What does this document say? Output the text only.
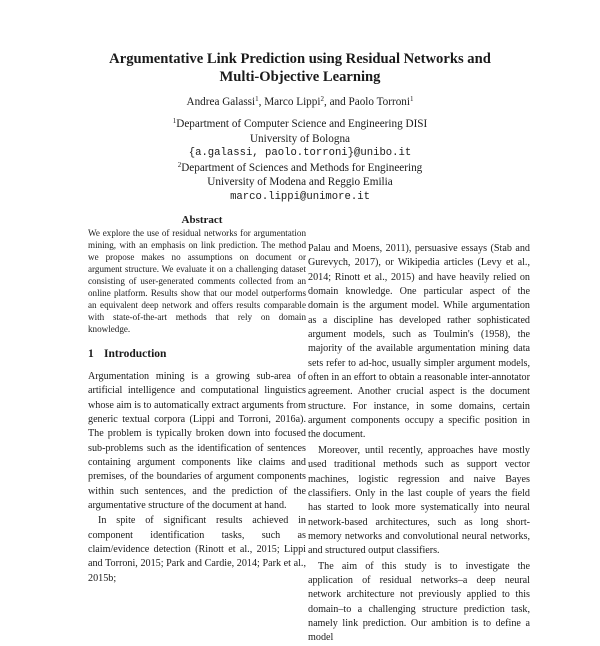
Argumentative Link Prediction using Residual Networks and
Multi-Objective Learning
Andrea Galassi$^1$, Marco Lippi$^2$, and Paolo Torroni$^1$
$^1$Department of Computer Science and Engineering DISI
University of Bologna
{a.galassi, paolo.torroni}@unibo.it
$^2$Department of Sciences and Methods for Engineering
University of Modena and Reggio Emilia
marco.lippi@unimore.it
Abstract

We explore the use of residual networks for argumentation mining, with an emphasis on link prediction. The method we propose makes no assumptions on document or argument structure. We evaluate it on a challenging dataset consisting of user-generated comments collected from an online platform. Results show that our model outperforms an equivalent deep network and offers results comparable with state-of-the-art methods that rely on domain knowledge.

1 Introduction

Argumentation mining is a growing sub-area of artificial intelligence and computational linguistics whose aim is to automatically extract arguments from generic textual corpora (Lippi and Torroni, 2016a). The problem is typically broken down into focused sub-problems such as the identification of sentences containing argument components like claims and premises, of the boundaries of argument components within such sentences, and the prediction of the argumentative structure of the document at hand.

In spite of significant results achieved in component identification tasks, such as claim/evidence detection (Rinott et al., 2015; Lippi and Torroni, 2015; Park and Cardie, 2014; Park et al., 2015b;

Palau and Moens, 2011), persuasive essays (Stab and Gurevych, 2017), or Wikipedia articles (Levy et al., 2014; Rinott et al., 2015) and have heavily relied on domain knowledge. One particular aspect of the domain is the argument model. While argumentation as a discipline has developed rather sophisticated argument models, such as Toulmin's (1958), the majority of the available argumentation mining data sets refer to ad-hoc, usually simpler argument models, often in an effort to obtain a reasonable inter-annotator agreement. Another crucial aspect is the document structure. For instance, in some domains, certain argument components occupy a specific position in the document.

Moreover, until recently, approaches have mostly used traditional methods such as support vector machines, logistic regression and naive Bayes classifiers. Only in the last couple of years the field has started to look more systematically into neural network-based architectures, such as long short-memory networks and convolutional neural networks, and structured output classifiers.

The aim of this study is to investigate the application of residual networks–a deep neural network architecture not previously applied to this domain–to a challenging structure prediction task, namely link prediction. Our ambition is to define a model
